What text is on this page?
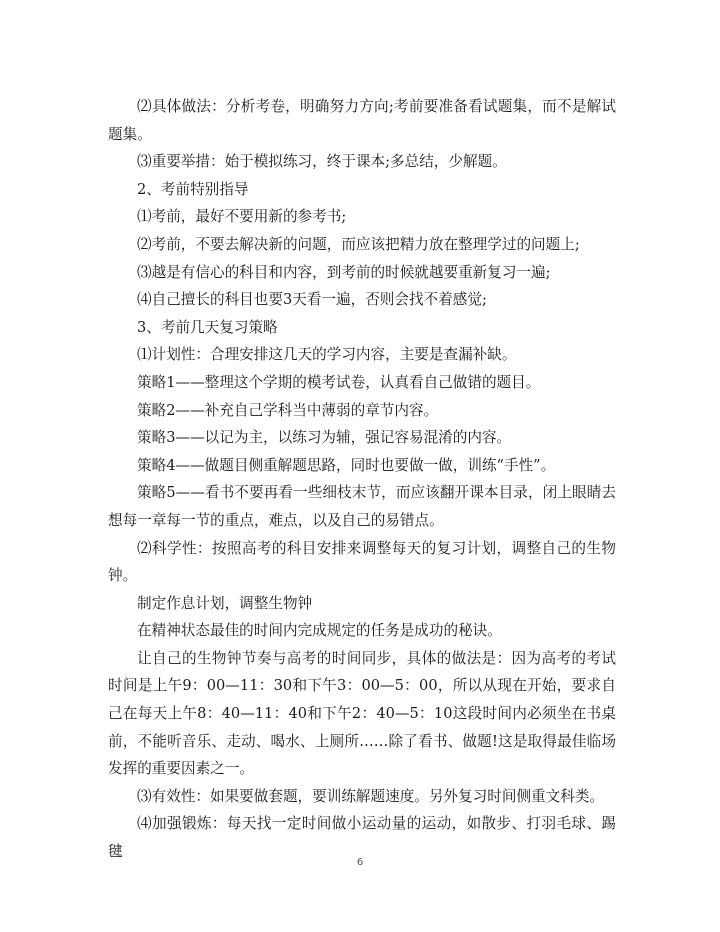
⑵具体做法：分析考卷，明确努力方向;考前要准备看试题集，而不是解试题集。

⑶重要举措：始于模拟练习，终于课本;多总结，少解题。

2、考前特别指导

⑴考前，最好不要用新的参考书;

⑵考前，不要去解决新的问题，而应该把精力放在整理学过的问题上;

⑶越是有信心的科目和内容，到考前的时候就越要重新复习一遍;

⑷自己擅长的科目也要3天看一遍，否则会找不着感觉;

3、考前几天复习策略

⑴计划性：合理安排这几天的学习内容，主要是查漏补缺。

策略1——整理这个学期的模考试卷，认真看自己做错的题目。

策略2——补充自己学科当中薄弱的章节内容。

策略3——以记为主，以练习为辅，强记容易混淆的内容。

策略4——做题目侧重解题思路，同时也要做一做，训练“手性”。

策略5——看书不要再看一些细枝末节，而应该翻开课本目录，闭上眼睛去想每一章每一节的重点，难点，以及自己的易错点。

⑵科学性：按照高考的科目安排来调整每天的复习计划，调整自己的生物钟。

制定作息计划，调整生物钟

在精神状态最佳的时间内完成规定的任务是成功的秘诀。

让自己的生物钟节奏与高考的时间同步，具体的做法是：因为高考的考试时间是上午9：00—11：30和下午3：00—5：00，所以从现在开始，要求自己在每天上午8：40—11：40和下午2：40—5：10这段时间内必须坐在书桌前，不能听音乐、走动、喝水、上厕所……除了看书、做题!这是取得最佳临场发挥的重要因素之一。

⑶有效性：如果要做套题，要训练解题速度。另外复习时间侧重文科类。

⑷加强锻炼：每天找一定时间做小运动量的运动，如散步、打羽毛球、踢毽

6
